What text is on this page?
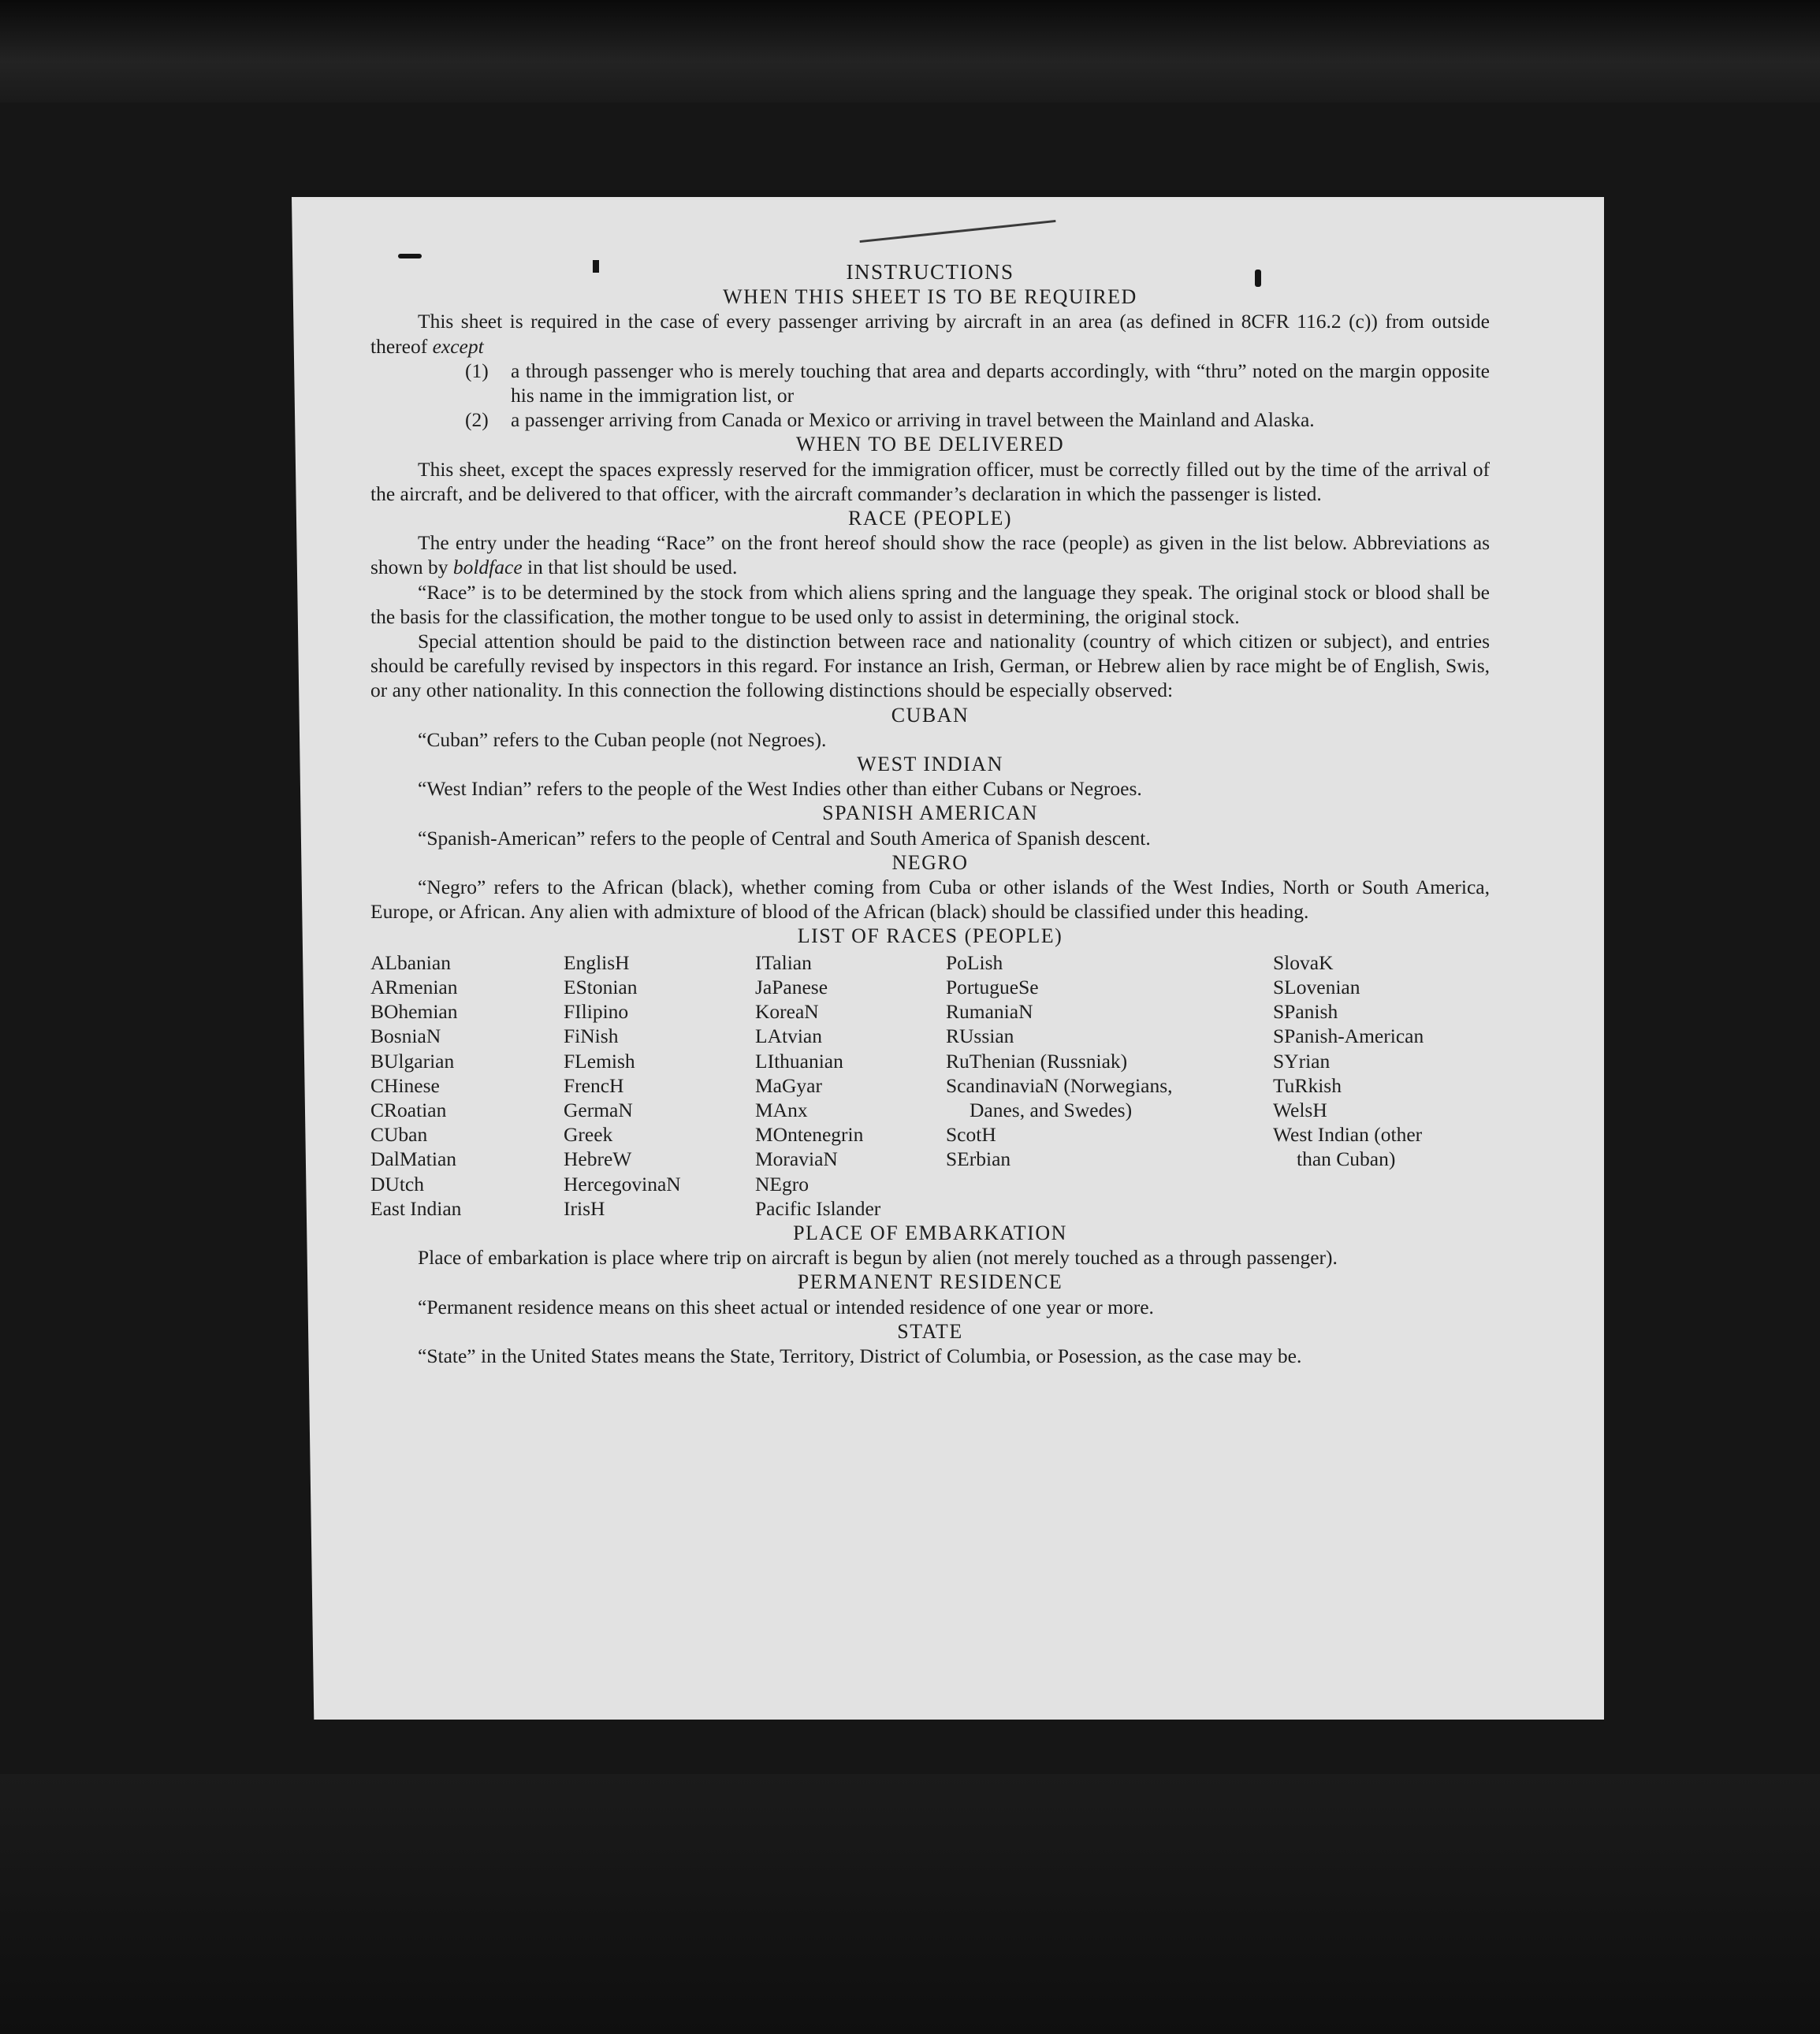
INSTRUCTIONS
WHEN THIS SHEET IS TO BE REQUIRED

This sheet is required in the case of every passenger arriving by aircraft in an area (as defined in 8CFR 116.2 (c)) from outside thereof except

(1)	a through passenger who is merely touching that area and departs accordingly, with “thru” noted on the margin opposite his name in the immigration list, or
(2)	a passenger arriving from Canada or Mexico or arriving in travel between the Mainland and Alaska.
WHEN TO BE DELIVERED

This sheet, except the spaces expressly reserved for the immigration officer, must be correctly filled out by the time of the arrival of the aircraft, and be delivered to that officer, with the aircraft commander’s declaration in which the passenger is listed.

RACE (PEOPLE)

The entry under the heading “Race” on the front hereof should show the race (people) as given in the list below. Abbreviations as shown by boldface in that list should be used.

“Race” is to be determined by the stock from which aliens spring and the language they speak. The original stock or blood shall be the basis for the classification, the mother tongue to be used only to assist in determining, the original stock.

Special attention should be paid to the distinction between race and nationality (country of which citizen or subject), and entries should be carefully revised by inspectors in this regard. For instance an Irish, German, or Hebrew alien by race might be of English, Swis, or any other nationality. In this connection the following distinctions should be especially observed:

CUBAN

“Cuban” refers to the Cuban people (not Negroes).

WEST INDIAN

“West Indian” refers to the people of the West Indies other than either Cubans or Negroes.

SPANISH AMERICAN

“Spanish-American” refers to the people of Central and South America of Spanish descent.

NEGRO

“Negro” refers to the African (black), whether coming from Cuba or other islands of the West Indies, North or South America, Europe, or African. Any alien with admixture of blood of the African (black) should be classified under this heading.

LIST OF RACES (PEOPLE)
ALbanian
ARmenian
BOhemian
BosniaN
BUlgarian
CHinese
CRoatian
CUban
DalMatian
DUtch
East Indian
EnglisH
EStonian
FIlipino
FiNish
FLemish
FrencH
GermaN
Greek
HebreW
HercegovinaN
IrisH
ITalian
JaPanese
KoreaN
LAtvian
LIthuanian
MaGyar
MAnx
MOntenegrin
MoraviaN
NEgro
Pacific Islander
PoLish
PortugueSe
RumaniaN
RUssian
RuThenian (Russniak)
ScandinaviaN (Norwegians,
Danes, and Swedes)
ScotH
SErbian
SlovaK
SLovenian
SPanish
SPanish-American
SYrian
TuRkish
WelsH
West Indian (other
than Cuban)
PLACE OF EMBARKATION

Place of embarkation is place where trip on aircraft is begun by alien (not merely touched as a through passenger).

PERMANENT RESIDENCE

“Permanent residence means on this sheet actual or intended residence of one year or more.

STATE

“State” in the United States means the State, Territory, District of Columbia, or Posession, as the case may be.
